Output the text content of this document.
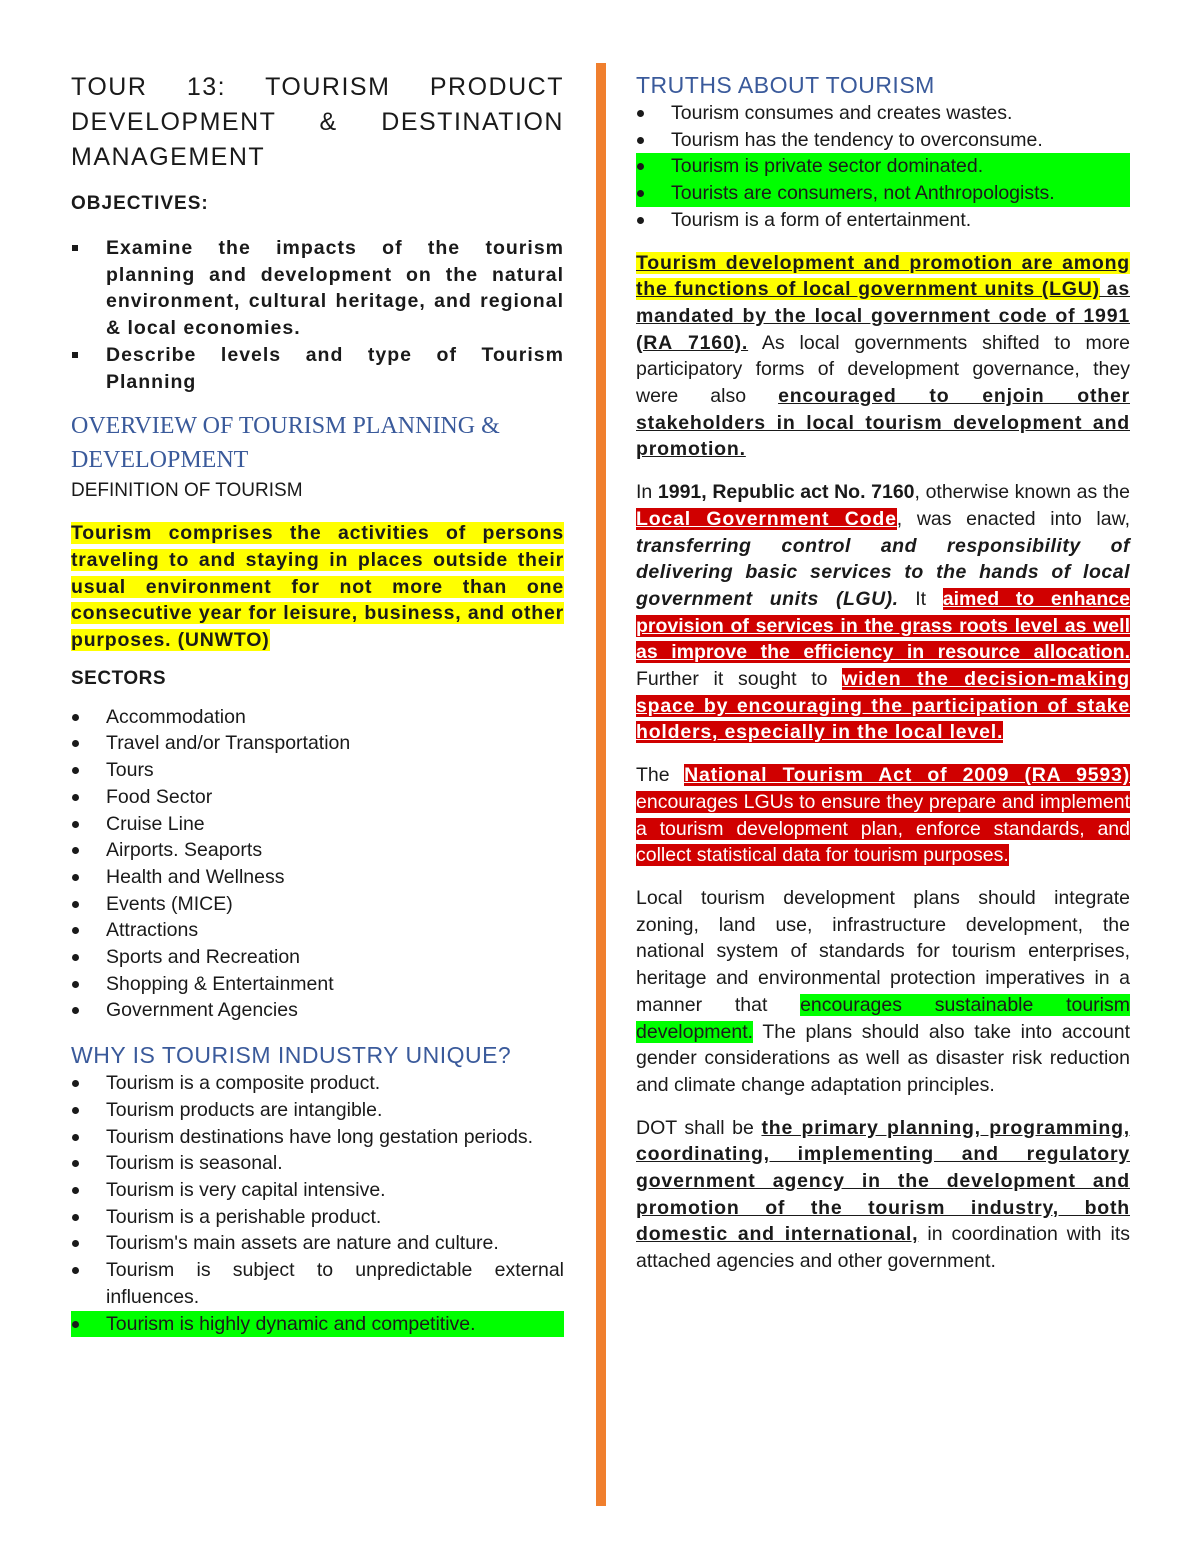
TOUR 13: TOURISM PRODUCT DEVELOPMENT & DESTINATION MANAGEMENT
OBJECTIVES:
Examine the impacts of the tourism planning and development on the natural environment, cultural heritage, and regional & local economies.
Describe levels and type of Tourism Planning
OVERVIEW OF TOURISM PLANNING & DEVELOPMENT
DEFINITION OF TOURISM

Tourism comprises the activities of persons traveling to and staying in places outside their usual environment for not more than one consecutive year for leisure, business, and other purposes. (UNWTO)

SECTORS
Accommodation
Travel and/or Transportation
Tours
Food Sector
Cruise Line
Airports. Seaports
Health and Wellness
Events (MICE)
Attractions
Sports and Recreation
Shopping & Entertainment
Government Agencies
WHY IS TOURISM INDUSTRY UNIQUE?
Tourism is a composite product.
Tourism products are intangible.
Tourism destinations have long gestation periods.
Tourism is seasonal.
Tourism is very capital intensive.
Tourism is a perishable product.
Tourism's main assets are nature and culture.
Tourism is subject to unpredictable external influences.
Tourism is highly dynamic and competitive.
TRUTHS ABOUT TOURISM
Tourism consumes and creates wastes.
Tourism has the tendency to overconsume.
Tourism is private sector dominated.
Tourists are consumers, not Anthropologists.
Tourism is a form of entertainment.

Tourism development and promotion are among the functions of local government units (LGU) as mandated by the local government code of 1991 (RA 7160). As local governments shifted to more participatory forms of development governance, they were also encouraged to enjoin other stakeholders in local tourism development and promotion.

In 1991, Republic act No. 7160, otherwise known as the Local Government Code, was enacted into law, transferring control and responsibility of delivering basic services to the hands of local government units (LGU). It aimed to enhance provision of services in the grass roots level as well as improve the efficiency in resource allocation. Further it sought to widen the decision-making space by encouraging the participation of stake holders, especially in the local level.

The National Tourism Act of 2009 (RA 9593) encourages LGUs to ensure they prepare and implement a tourism development plan, enforce standards, and collect statistical data for tourism purposes.

Local tourism development plans should integrate zoning, land use, infrastructure development, the national system of standards for tourism enterprises, heritage and environmental protection imperatives in a manner that encourages sustainable tourism development. The plans should also take into account gender considerations as well as disaster risk reduction and climate change adaptation principles.

DOT shall be the primary planning, programming, coordinating, implementing and regulatory government agency in the development and promotion of the tourism industry, both domestic and international, in coordination with its attached agencies and other government.
